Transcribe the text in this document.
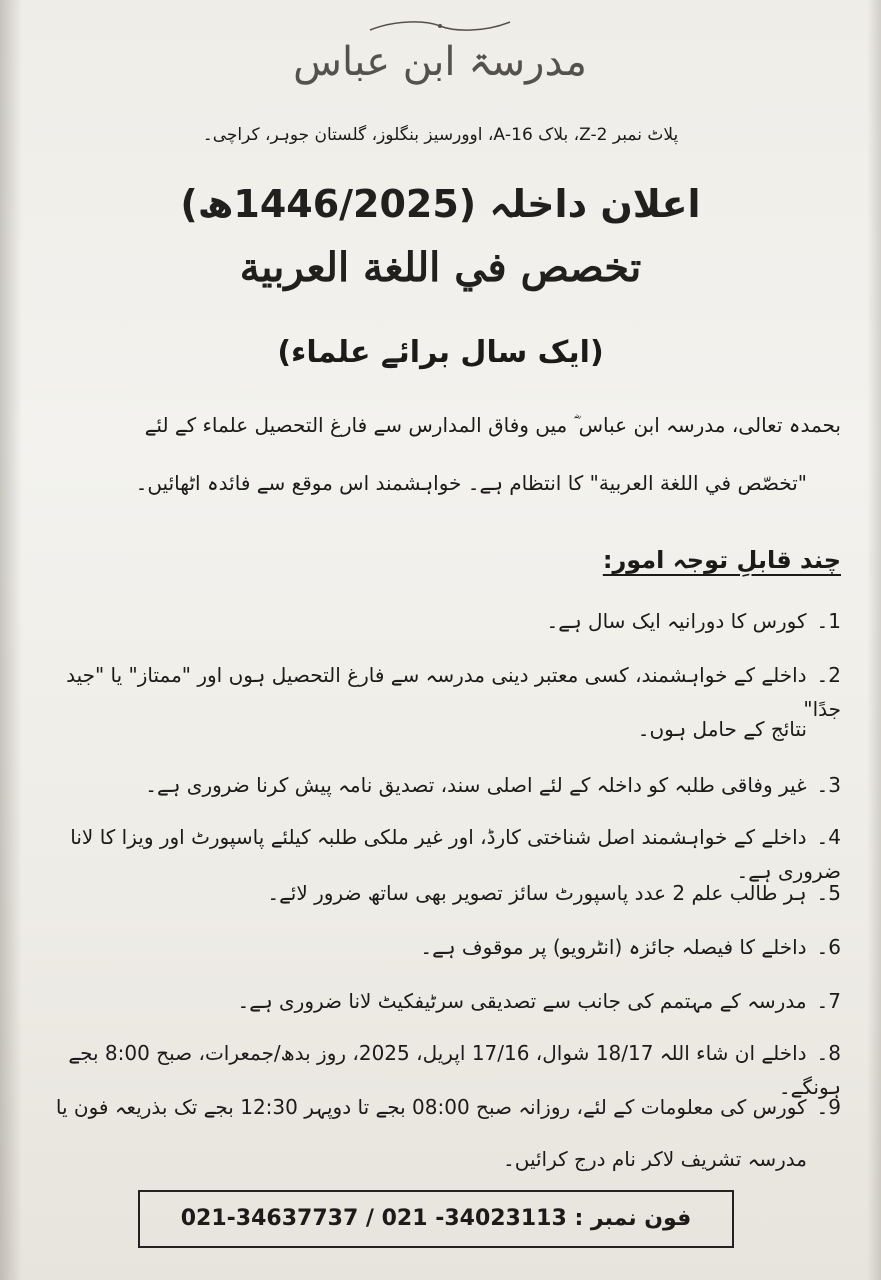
مدرسۃ ابن عباس
پلاٹ نمبر Z-2، بلاک 16-A، اوورسیز بنگلوز، گلستان جوہر، کراچی۔
اعلان داخلہ (1446/2025ھ)
تخصص في اللغة العربية
(ایک سال برائے علماء)
بحمدہ تعالی، مدرسہ ابن عباس ؓ میں وفاق المدارس سے فارغ التحصیل علماء کے لئے
"تخصّص في اللغة العربية" کا انتظام ہے۔ خواہشمند اس موقع سے فائدہ اٹھائیں۔
چند قابلِ توجہ امور:
1۔کورس کا دورانیہ ایک سال ہے۔
2۔داخلے کے خواہشمند، کسی معتبر دینی مدرسہ سے فارغ التحصیل ہوں اور "ممتاز" یا "جید جدًا"
نتائج کے حامل ہوں۔
3۔غیر وفاقی طلبہ کو داخلہ کے لئے اصلی سند، تصدیق نامہ پیش کرنا ضروری ہے۔
4۔داخلے کے خواہشمند اصل شناختی کارڈ، اور غیر ملکی طلبہ کیلئے پاسپورٹ اور ویزا کا لانا ضروری ہے۔
5۔ہر طالب علم 2 عدد پاسپورٹ سائز تصویر بھی ساتھ ضرور لائے۔
6۔داخلے کا فیصلہ جائزہ (انٹرویو) پر موقوف ہے۔
7۔مدرسہ کے مہتمم کی جانب سے تصدیقی سرٹیفکیٹ لانا ضروری ہے۔
8۔داخلے ان شاء اللہ 18/17 شوال، 17/16 اپریل، 2025، روز بدھ/جمعرات، صبح 8:00 بجے ہونگے۔
9۔کورس کی معلومات کے لئے، روزانہ صبح 08:00 بجے تا دوپہر 12:30 بجے تک بذریعہ فون یا
مدرسہ تشریف لاکر نام درج کرائیں۔
021-34637737 / 021 -34023113 فون نمبر :
